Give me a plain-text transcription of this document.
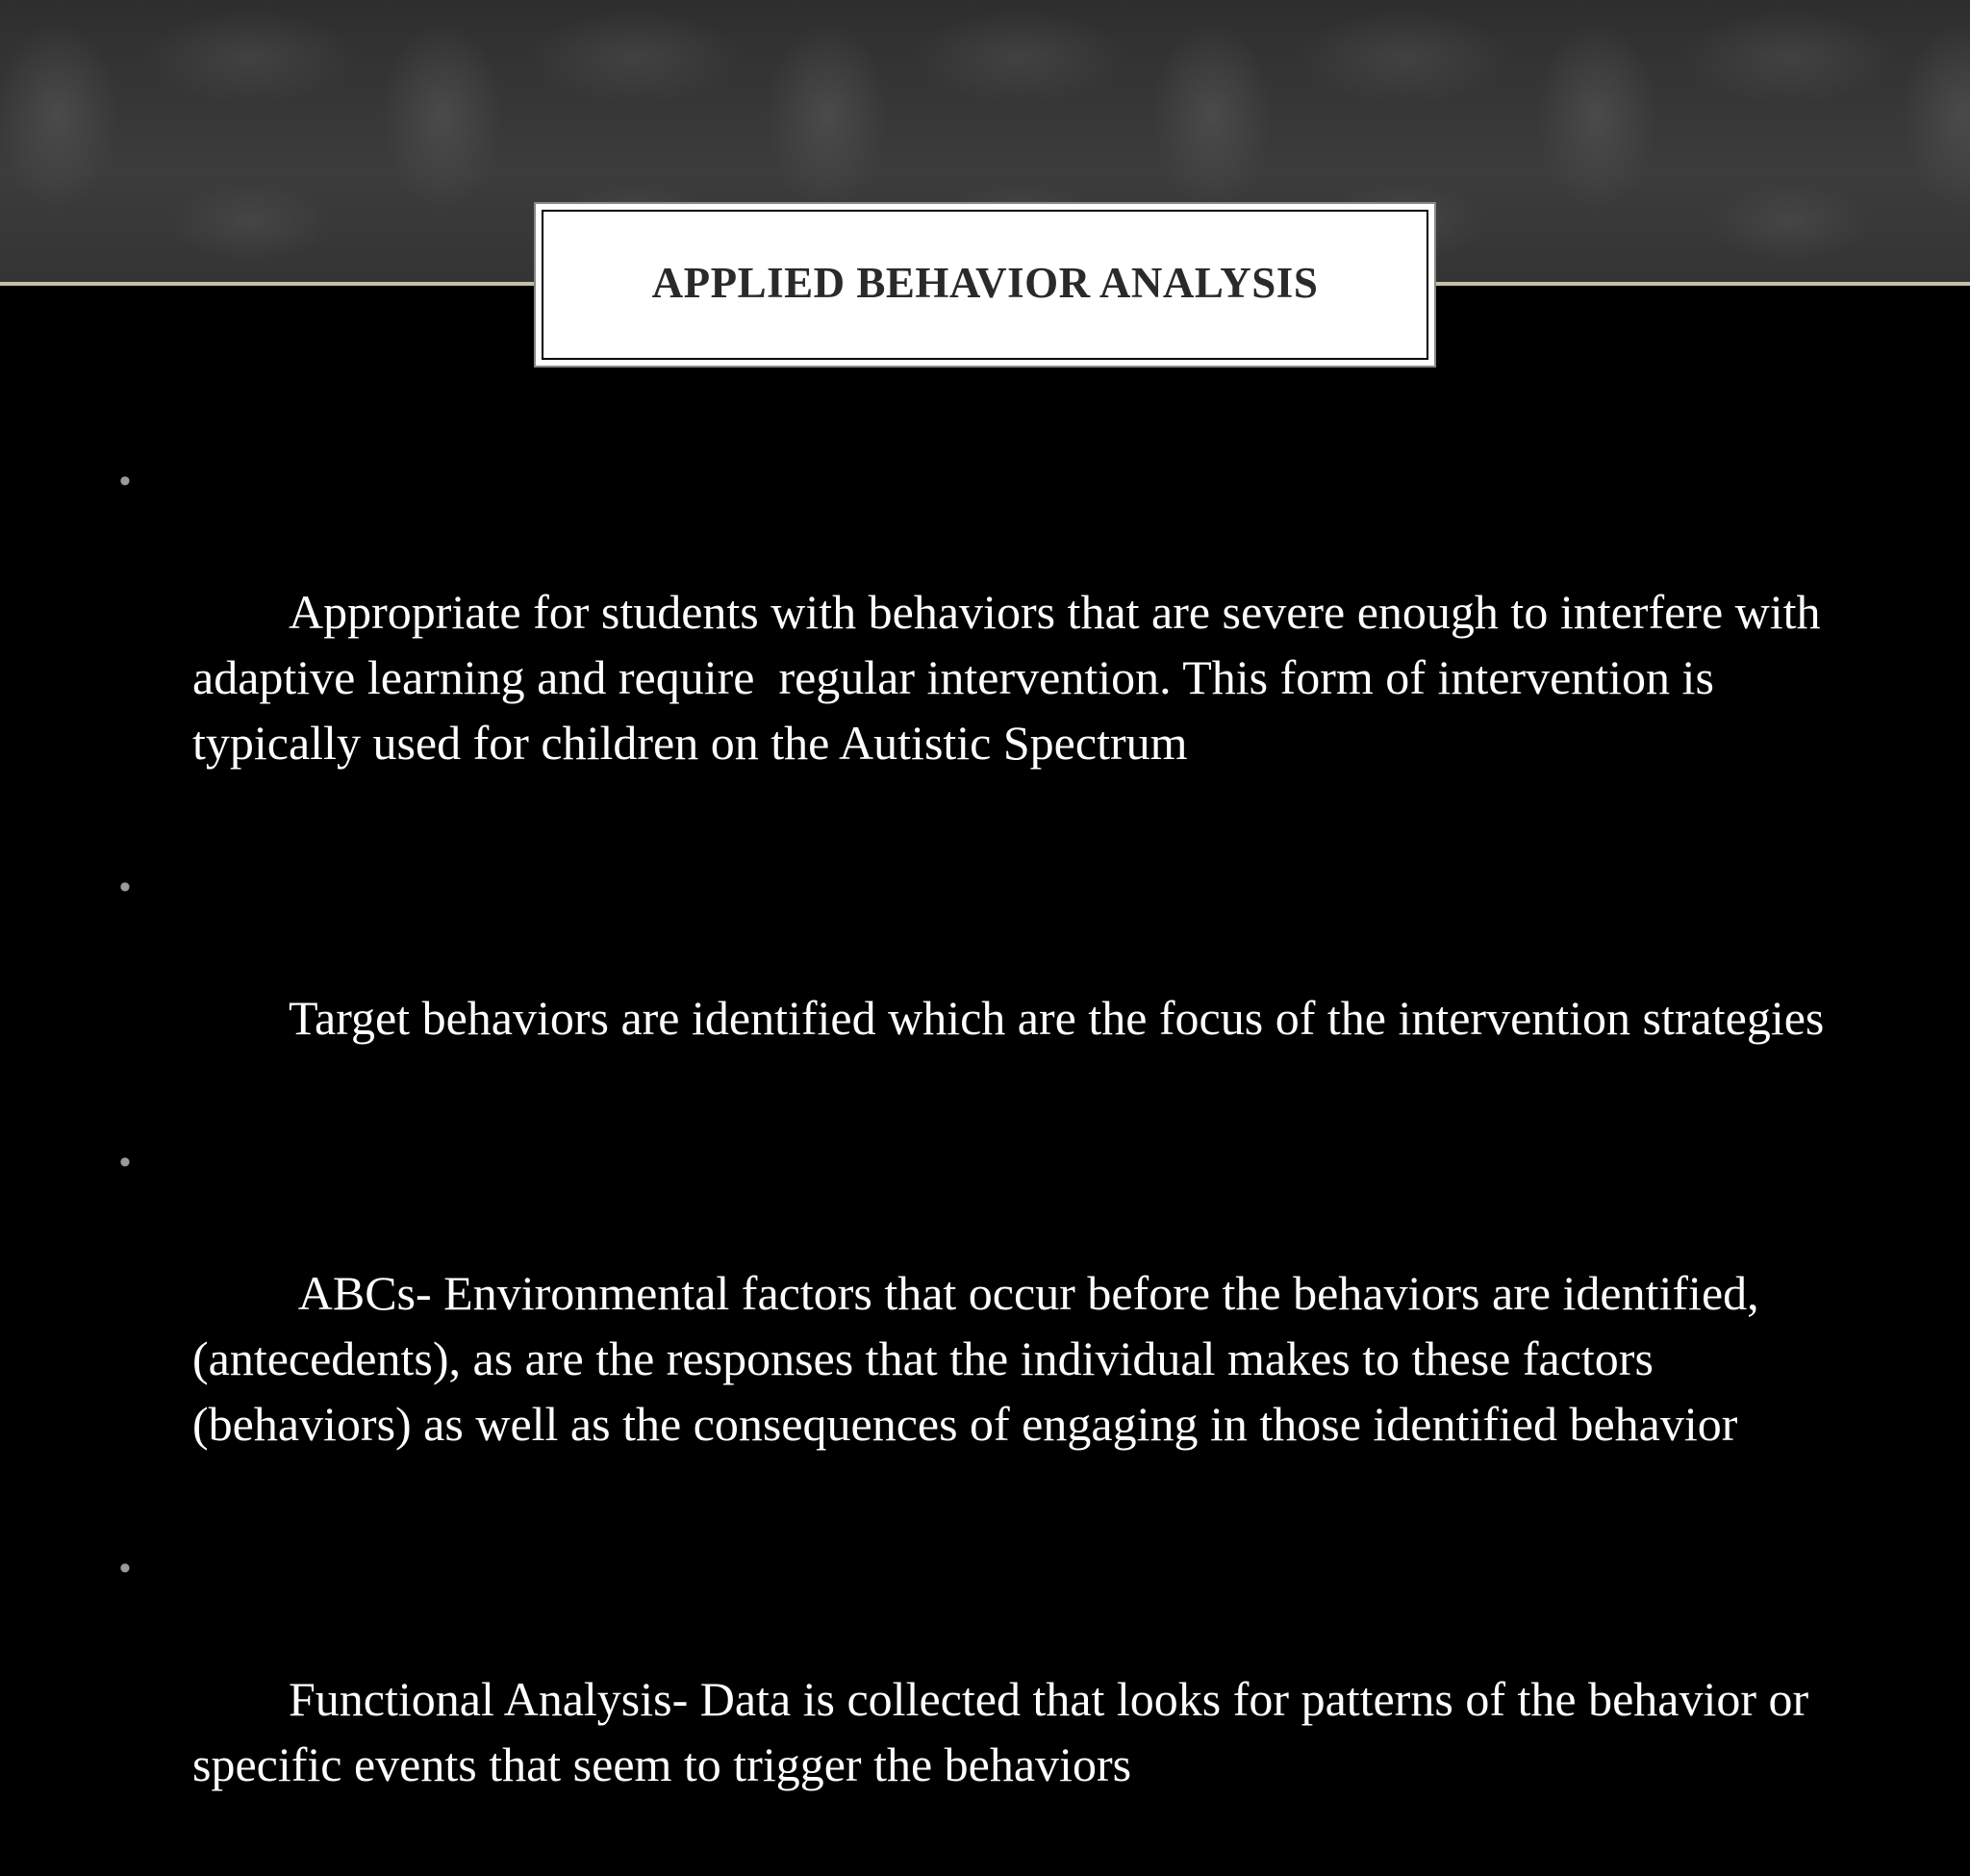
APPLIED BEHAVIOR ANALYSIS

•

Appropriate for students with behaviors that are severe enough to interfere with adaptive learning and require  regular intervention. This form of intervention is typically used for children on the Autistic Spectrum

•

Target behaviors are identified which are the focus of the intervention strategies

•

ABCs- Environmental factors that occur before the behaviors are identified, (antecedents), as are the responses that the individual makes to these factors (behaviors) as well as the consequences of engaging in those identified behavior

•

Functional Analysis- Data is collected that looks for patterns of the behavior or specific events that seem to trigger the behaviors
